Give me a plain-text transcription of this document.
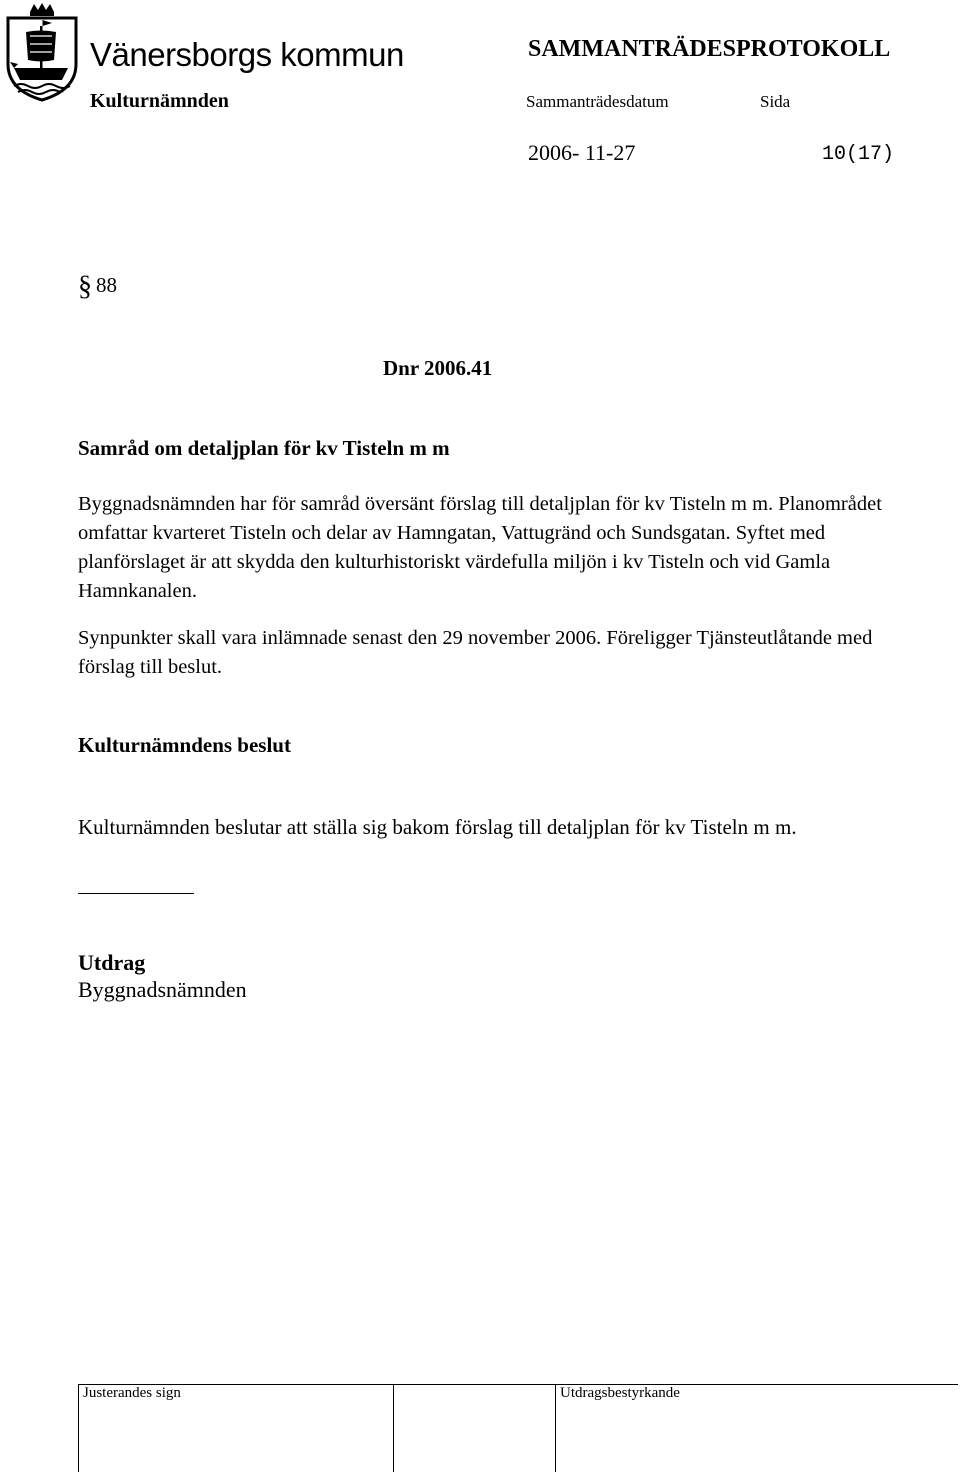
Vänersborgs kommun	SAMMANTRÄDESPROTOKOLL
Kulturnämnden	Sammanträdesdatum	Sida
2006- 11-27	10(17)
§ 88
Dnr 2006.41
Samråd om detaljplan för kv Tisteln m m
Byggnadsnämnden har för samråd översänt förslag till detaljplan för kv Tisteln m m. Planområdet omfattar kvarteret Tisteln och delar av Hamngatan, Vattugränd och Sundsgatan. Syftet med planförslaget är att skydda den kulturhistoriskt värdefulla miljön i kv Tisteln och vid Gamla Hamnkanalen.
Synpunkter skall vara inlämnade senast den 29 november 2006. Föreligger Tjänsteutlåtande med förslag till beslut.
Kulturnämndens beslut
Kulturnämnden beslutar att ställa sig bakom förslag till detaljplan för kv Tisteln m m.
Utdrag
Byggnadsnämnden
Justerandes sign	Utdragsbestyrkande
